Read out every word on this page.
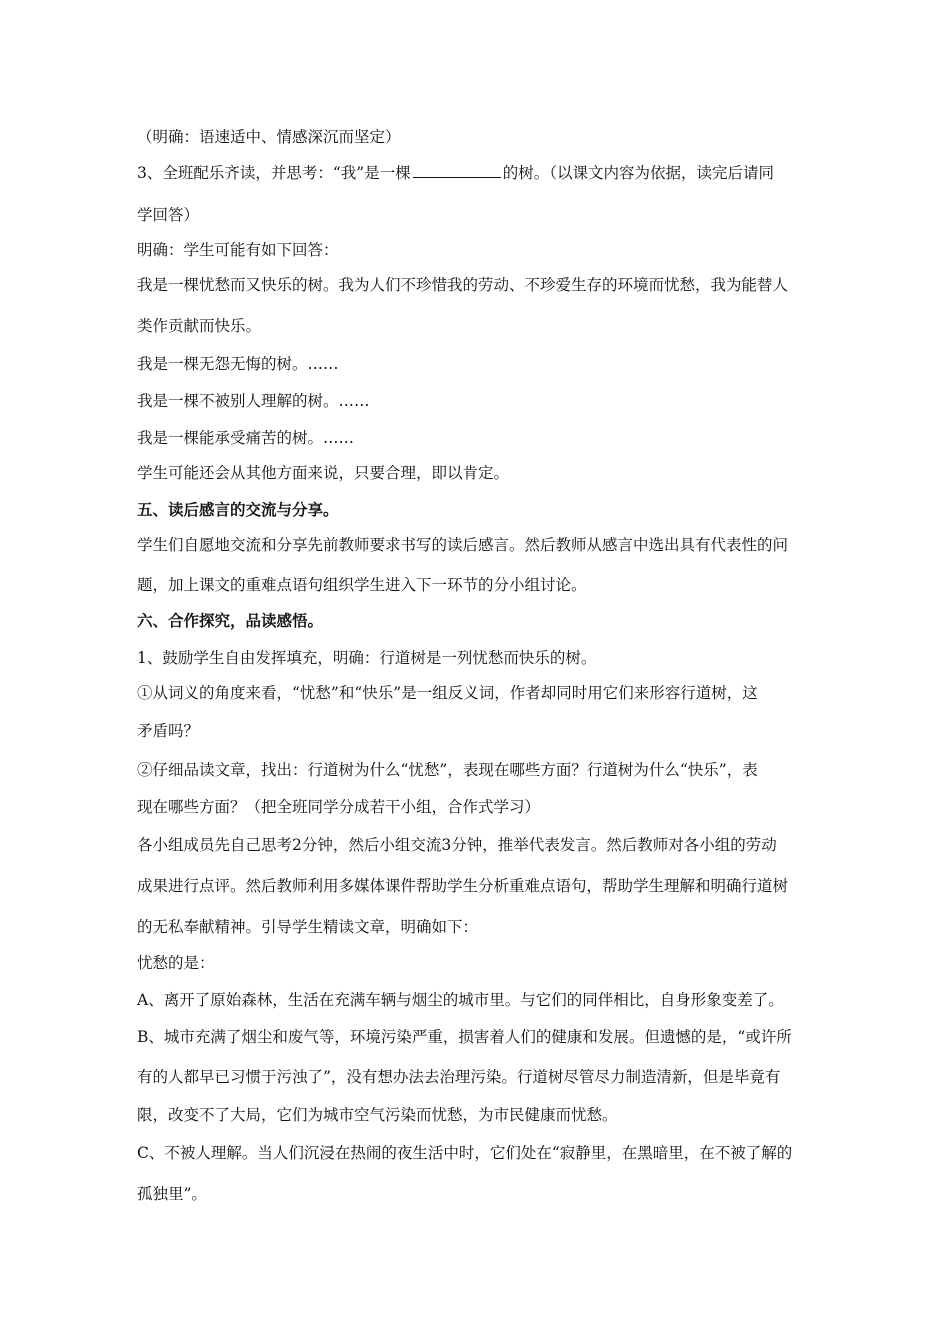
（明确：语速适中、情感深沉而坚定）
3、全班配乐齐读，并思考：“我”是一棵	的树。（以课文内容为依据，读完后请同
学回答）
明确：学生可能有如下回答：
我是一棵忧愁而又快乐的树。我为人们不珍惜我的劳动、不珍爱生存的环境而忧愁，我为能替人
类作贡献而快乐。
我是一棵无怨无悔的树。……
我是一棵不被别人理解的树。……
我是一棵能承受痛苦的树。……
学生可能还会从其他方面来说，只要合理，即以肯定。
五、读后感言的交流与分享。
学生们自愿地交流和分享先前教师要求书写的读后感言。然后教师从感言中选出具有代表性的问
题，加上课文的重难点语句组织学生进入下一环节的分小组讨论。
六、合作探究，品读感悟。
1、鼓励学生自由发挥填充，明确：行道树是一列忧愁而快乐的树。
①从词义的角度来看，“忧愁”和“快乐”是一组反义词，作者却同时用它们来形容行道树，这
矛盾吗？
②仔细品读文章，找出：行道树为什么“忧愁”，表现在哪些方面？行道树为什么“快乐”，表
现在哪些方面？（把全班同学分成若干小组，合作式学习）
各小组成员先自己思考2分钟，然后小组交流3分钟，推举代表发言。然后教师对各小组的劳动
成果进行点评。然后教师利用多媒体课件帮助学生分析重难点语句，帮助学生理解和明确行道树
的无私奉献精神。引导学生精读文章，明确如下：
忧愁的是：
A、离开了原始森林，生活在充满车辆与烟尘的城市里。与它们的同伴相比，自身形象变差了。
B、城市充满了烟尘和废气等，环境污染严重，损害着人们的健康和发展。但遗憾的是，“或许所
有的人都早已习惯于污浊了”，没有想办法去治理污染。行道树尽管尽力制造清新，但是毕竟有
限，改变不了大局，它们为城市空气污染而忧愁，为市民健康而忧愁。
C、不被人理解。当人们沉浸在热闹的夜生活中时，它们处在“寂静里，在黑暗里，在不被了解的
孤独里”。
